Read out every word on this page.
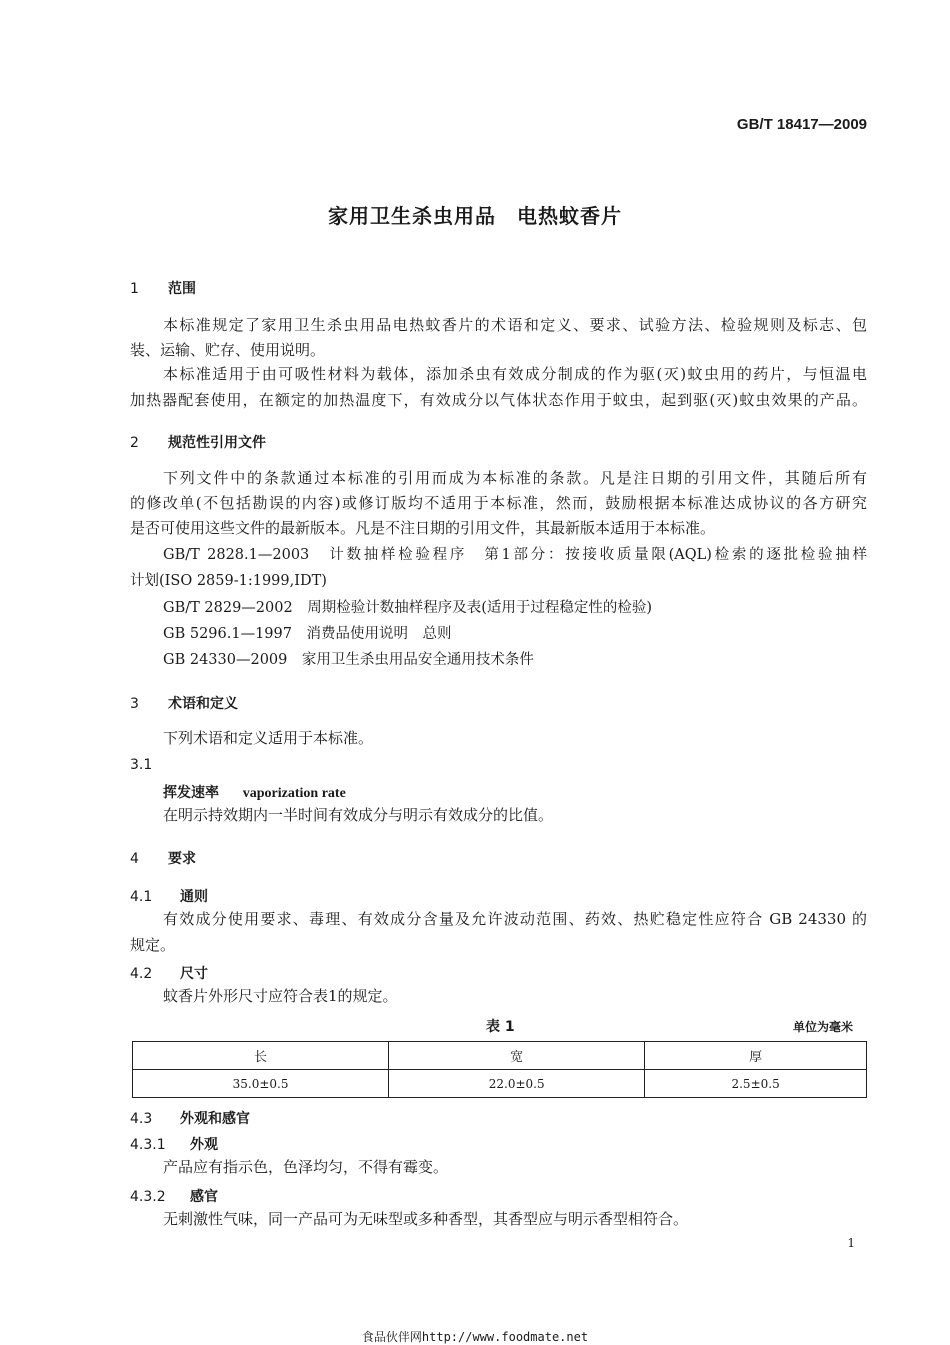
GB/T 18417—2009
家用卫生杀虫用品　电热蚊香片
1 范围
本标准规定了家用卫生杀虫用品电热蚊香片的术语和定义、要求、试验方法、检验规则及标志、包
装、运输、贮存、使用说明。
本标准适用于由可吸性材料为载体，添加杀虫有效成分制成的作为驱(灭)蚊虫用的药片，与恒温电
加热器配套使用，在额定的加热温度下，有效成分以气体状态作用于蚊虫，起到驱(灭)蚊虫效果的产品。
2 规范性引用文件
下列文件中的条款通过本标准的引用而成为本标准的条款。凡是注日期的引用文件，其随后所有
的修改单(不包括勘误的内容)或修订版均不适用于本标准，然而，鼓励根据本标准达成协议的各方研究
是否可使用这些文件的最新版本。凡是不注日期的引用文件，其最新版本适用于本标准。
GB/T 2828.1—2003　计数抽样检验程序　第1部分：按接收质量限(AQL)检索的逐批检验抽样
计划(ISO 2859-1:1999,IDT)
GB/T 2829—2002　周期检验计数抽样程序及表(适用于过程稳定性的检验)
GB 5296.1—1997　消费品使用说明　总则
GB 24330—2009　家用卫生杀虫用品安全通用技术条件
3 术语和定义
下列术语和定义适用于本标准。
3.1
挥发速率 vaporization rate
在明示持效期内一半时间有效成分与明示有效成分的比值。
4 要求
4.1 通则
有效成分使用要求、毒理、有效成分含量及允许波动范围、药效、热贮稳定性应符合 GB 24330 的
规定。
4.2 尺寸
蚊香片外形尺寸应符合表1的规定。
表 1	单位为毫米
长	宽	厚
35.0±0.5	22.0±0.5	2.5±0.5
4.3 外观和感官
4.3.1 外观
产品应有指示色，色泽均匀，不得有霉变。
4.3.2 感官
无刺激性气味，同一产品可为无味型或多种香型，其香型应与明示香型相符合。
1
食品伙伴网http://www.foodmate.net
